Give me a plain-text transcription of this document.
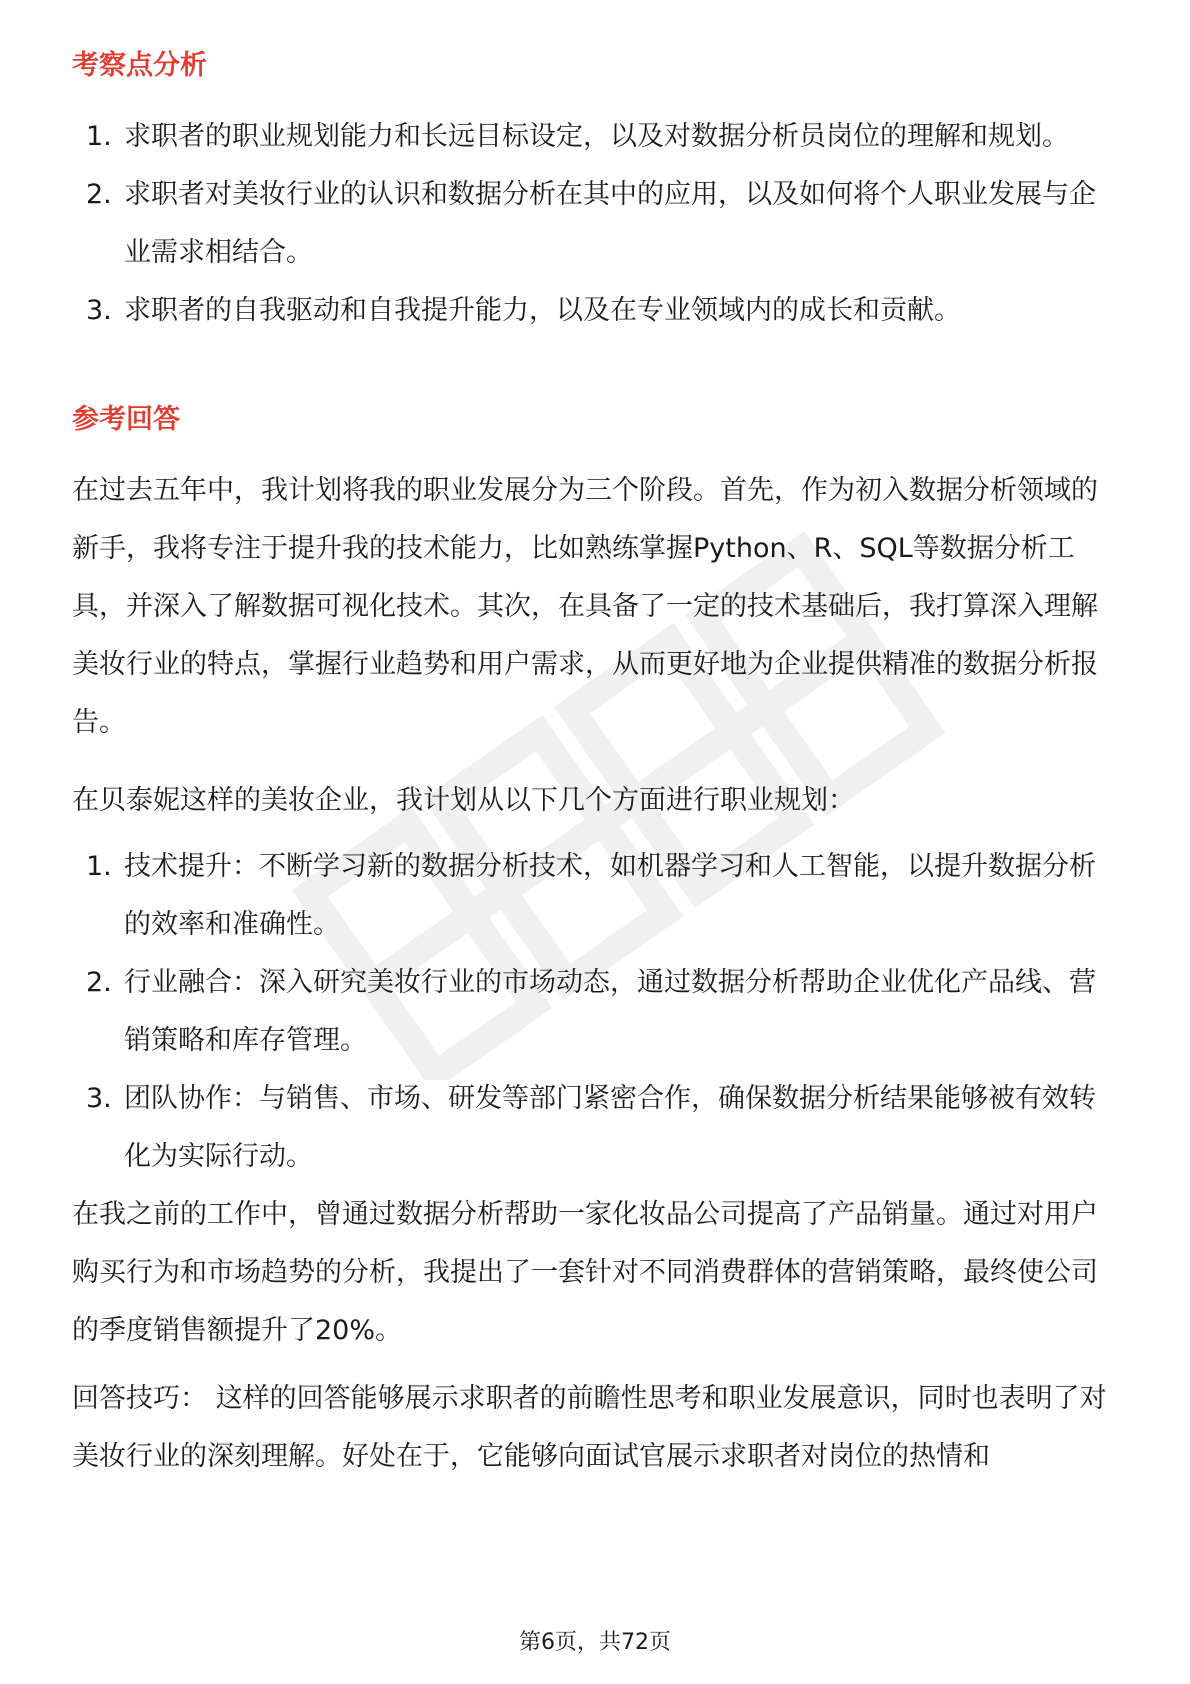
考察点分析
1. 求职者的职业规划能力和长远目标设定，以及对数据分析员岗位的理解和规划。
2. 求职者对美妆行业的认识和数据分析在其中的应用，以及如何将个人职业发展与企业需求相结合。
3. 求职者的自我驱动和自我提升能力，以及在专业领域内的成长和贡献。
参考回答

在过去五年中，我计划将我的职业发展分为三个阶段。首先，作为初入数据分析领域的新手，我将专注于提升我的技术能力，比如熟练掌握Python、R、SQL等数据分析工具，并深入了解数据可视化技术。其次，在具备了一定的技术基础后，我打算深入理解美妆行业的特点，掌握行业趋势和用户需求，从而更好地为企业提供精准的数据分析报告。

在贝泰妮这样的美妆企业，我计划从以下几个方面进行职业规划：

1. 技术提升：不断学习新的数据分析技术，如机器学习和人工智能，以提升数据分析的效率和准确性。
2. 行业融合：深入研究美妆行业的市场动态，通过数据分析帮助企业优化产品线、营销策略和库存管理。
3. 团队协作：与销售、市场、研发等部门紧密合作，确保数据分析结果能够被有效转化为实际行动。

在我之前的工作中，曾通过数据分析帮助一家化妆品公司提高了产品销量。通过对用户购买行为和市场趋势的分析，我提出了一套针对不同消费群体的营销策略，最终使公司的季度销售额提升了20%。

回答技巧： 这样的回答能够展示求职者的前瞻性思考和职业发展意识，同时也表明了对美妆行业的深刻理解。好处在于，它能够向面试官展示求职者对岗位的热情和

第6页，共72页
